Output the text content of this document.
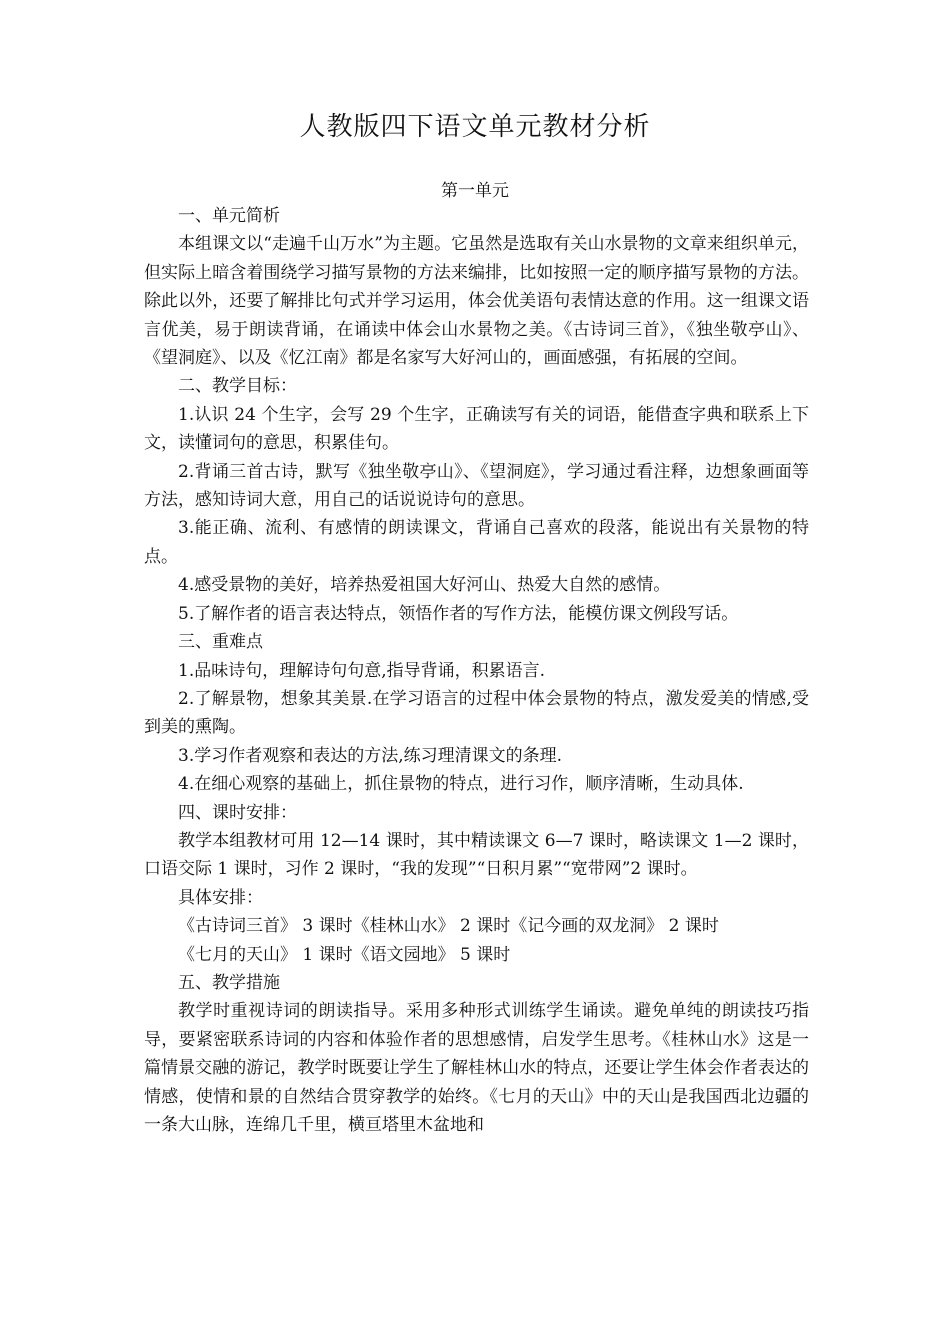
人教版四下语文单元教材分析
第一单元

一、单元简析

本组课文以“走遍千山万水”为主题。它虽然是选取有关山水景物的文章来组织单元，但实际上暗含着围绕学习描写景物的方法来编排，比如按照一定的顺序描写景物的方法。除此以外，还要了解排比句式并学习运用，体会优美语句表情达意的作用。这一组课文语言优美，易于朗读背诵，在诵读中体会山水景物之美。《古诗词三首》，《独坐敬亭山》、《望洞庭》、以及《忆江南》都是名家写大好河山的，画面感强，有拓展的空间。

二、教学目标：

1.认识 24 个生字，会写 29 个生字，正确读写有关的词语，能借查字典和联系上下文，读懂词句的意思，积累佳句。

2.背诵三首古诗，默写《独坐敬亭山》、《望洞庭》，学习通过看注释，边想象画面等方法，感知诗词大意，用自己的话说说诗句的意思。

3.能正确、流利、有感情的朗读课文，背诵自己喜欢的段落，能说出有关景物的特点。

4.感受景物的美好，培养热爱祖国大好河山、热爱大自然的感情。

5.了解作者的语言表达特点，领悟作者的写作方法，能模仿课文例段写话。

三、重难点

1.品味诗句，理解诗句句意,指导背诵，积累语言.

2.了解景物，想象其美景.在学习语言的过程中体会景物的特点，激发爱美的情感,受到美的熏陶。

3.学习作者观察和表达的方法,练习理清课文的条理.

4.在细心观察的基础上，抓住景物的特点，进行习作，顺序清晰，生动具体.

四、课时安排：

教学本组教材可用 12—14 课时，其中精读课文 6—7 课时，略读课文 1—2 课时，口语交际 1 课时，习作 2 课时，“我的发现”“日积月累”“宽带网”2 课时。

具体安排：

《古诗词三首》 3 课时《桂林山水》 2 课时《记今画的双龙洞》 2 课时

《七月的天山》 1 课时《语文园地》 5 课时

五、教学措施

教学时重视诗词的朗读指导。采用多种形式训练学生诵读。避免单纯的朗读技巧指导，要紧密联系诗词的内容和体验作者的思想感情，启发学生思考。《桂林山水》这是一篇情景交融的游记，教学时既要让学生了解桂林山水的特点，还要让学生体会作者表达的情感，使情和景的自然结合贯穿教学的始终。《七月的天山》中的天山是我国西北边疆的一条大山脉，连绵几千里，横亘塔里木盆地和
